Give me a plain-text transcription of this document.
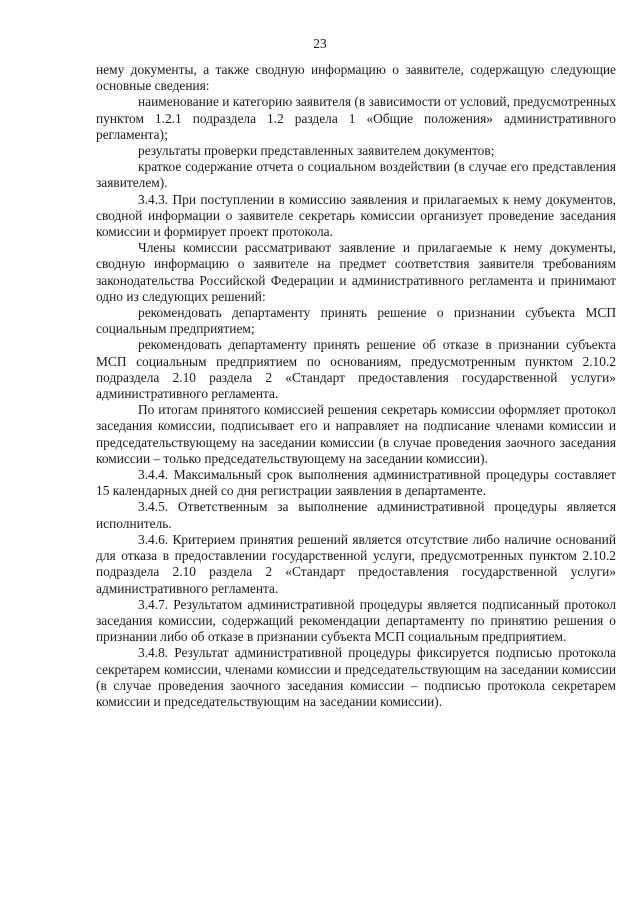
23

нему документы, а также сводную информацию о заявителе, содержащую следующие основные сведения:

наименование и категорию заявителя (в зависимости от условий, предусмотренных пунктом 1.2.1 подраздела 1.2 раздела 1 «Общие положения» административного регламента);

результаты проверки представленных заявителем документов;

краткое содержание отчета о социальном воздействии (в случае его представления заявителем).

3.4.3. При поступлении в комиссию заявления и прилагаемых к нему документов, сводной информации о заявителе секретарь комиссии организует проведение заседания комиссии и формирует проект протокола.

Члены комиссии рассматривают заявление и прилагаемые к нему документы, сводную информацию о заявителе на предмет соответствия заявителя требованиям законодательства Российской Федерации и административного регламента и принимают одно из следующих решений:

рекомендовать департаменту принять решение о признании субъекта МСП социальным предприятием;

рекомендовать департаменту принять решение об отказе в признании субъекта МСП социальным предприятием по основаниям, предусмотренным пунктом 2.10.2 подраздела 2.10 раздела 2 «Стандарт предоставления государственной услуги» административного регламента.

По итогам принятого комиссией решения секретарь комиссии оформляет протокол заседания комиссии, подписывает его и направляет на подписание членами комиссии и председательствующему на заседании комиссии (в случае проведения заочного заседания комиссии – только председательствующему на заседании комиссии).

3.4.4. Максимальный срок выполнения административной процедуры составляет 15 календарных дней со дня регистрации заявления в департаменте.

3.4.5. Ответственным за выполнение административной процедуры является исполнитель.

3.4.6. Критерием принятия решений является отсутствие либо наличие оснований для отказа в предоставлении государственной услуги, предусмотренных пунктом 2.10.2 подраздела 2.10 раздела 2 «Стандарт предоставления государственной услуги» административного регламента.

3.4.7. Результатом административной процедуры является подписанный протокол заседания комиссии, содержащий рекомендации департаменту по принятию решения о признании либо об отказе в признании субъекта МСП социальным предприятием.

3.4.8. Результат административной процедуры фиксируется подписью протокола секретарем комиссии, членами комиссии и председательствующим на заседании комиссии (в случае проведения заочного заседания комиссии – подписью протокола секретарем комиссии и председательствующим на заседании комиссии).
